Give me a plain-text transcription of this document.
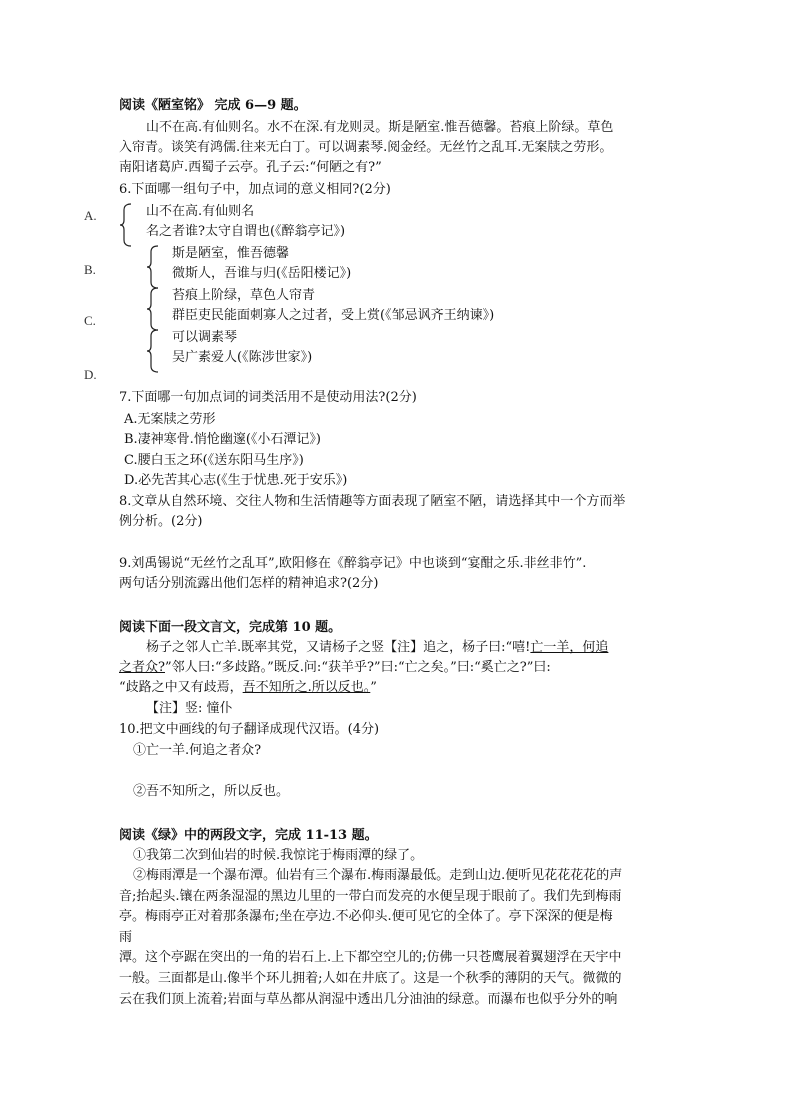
阅读《陋室铭》 完成 6—9 题。
山不在高.有仙则名。水不在深.有龙则灵。斯是陋室.惟吾德馨。苔痕上阶绿。草色
入帘青。谈笑有鸿儒.往来无白丁。可以调素琴.阅金经。无丝竹之乱耳.无案牍之劳形。
南阳诸葛庐.西蜀子云亭。孔子云:“何陋之有?”
6.下面哪一组句子中，加点词的意义相同?(2分)
A.
B.
C.
D.
山不在高.有仙则名
名之者谁?太守自谓也(《醉翁亭记》)
斯是陋室，惟吾德馨
微斯人，吾谁与归(《岳阳楼记》)
苔痕上阶绿，草色人帘青
群臣吏民能面刺寡人之过者，受上赏(《邹忌讽齐王纳谏》)
可以调素琴
吴广素爱人(《陈涉世家》)
7.下面哪一句加点词的词类活用不是使动用法?(2分)
A.无案牍之劳形
B.凄神寒骨.悄怆幽邃(《小石潭记》)
C.腰白玉之环(《送东阳马生序》)
D.必先苦其心志(《生于忧患.死于安乐》)
8.文章从自然环境、交往人物和生活情趣等方面表现了陋室不陋，请选择其中一个方而举
例分析。(2分)
9.刘禹锡说“无丝竹之乱耳”,欧阳修在《醉翁亭记》中也谈到“宴酣之乐.非丝非竹”.
两句话分别流露出他们怎样的精神追求?(2分)
阅读下面一段文言文，完成第 10 题。
杨子之邻人亡羊.既率其党，又请杨子之竖【注】追之，杨子曰:“嘻!亡一羊，何追
之者众?”邻人曰:“多歧路。”既反.问:“获羊乎?”曰:“亡之矣。”曰:“奚亡之?”曰:
“歧路之中又有歧焉，吾不知所之.所以反也。”
【注】竖: 憧仆
10.把文中画线的句子翻译成现代汉语。(4分)
①亡一羊.何追之者众?
②吾不知所之，所以反也。
阅读《绿》中的两段文字，完成 11-13 题。
①我第二次到仙岩的时候.我惊诧于梅雨潭的绿了。
②梅雨潭是一个瀑布潭。仙岩有三个瀑布.梅雨瀑最低。走到山边.便听见花花花花的声
音;抬起头.镶在两条湿湿的黑边儿里的一带白而发亮的水便呈现于眼前了。我们先到梅雨
亭。梅雨亭正对着那条瀑布;坐在亭边.不必仰头.便可见它的全体了。亭下深深的便是梅
雨
潭。这个亭踞在突出的一角的岩石上.上下都空空儿的;仿佛一只苍鹰展着翼翅浮在天宇中
一般。三面都是山.像半个环儿拥着;人如在井底了。这是一个秋季的薄阴的天气。微微的
云在我们顶上流着;岩面与草丛都从润湿中透出几分油油的绿意。而瀑布也似乎分外的响
